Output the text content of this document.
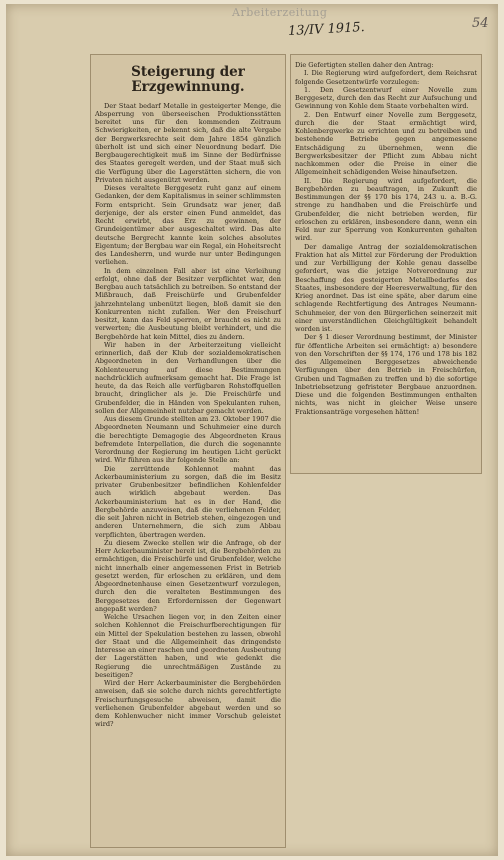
Arbeiterzeitung
13/IV 1915.	54
Steigerung der Erzgewinnung.

Der Staat bedarf Metalle in gesteigerter Menge, die Absperrung von überseeischen Produktionsstätten bereitet uns für den kommenden Zeitraum Schwierigkeiten, er bekennt sich, daß die alte Vergabe der Bergwerksrechte seit dem Jahre 1854 gänzlich überholt ist und sich einer Neuordnung bedarf. Die Bergbaugerechtigkeit muß im Sinne der Bedürfnisse des Staates geregelt werden, und der Staat muß sich die Verfügung über die Lagerstätten sichern, die von Privaten nicht ausgenützt werden.

Dieses veraltete Berggesetz ruht ganz auf einem Gedanken, der dem Kapitalismus in seiner schlimmsten Form entspricht. Sein Grundsatz war jener, daß derjenige, der als erster einen Fund anmeldet, das Recht erwirbt, das Erz zu gewinnen, der Grundeigentümer aber ausgeschaltet wird. Das alte deutsche Bergrecht kannte kein solches absolutes Eigentum; der Bergbau war ein Regal, ein Hoheitsrecht des Landesherrn, und wurde nur unter Bedingungen verliehen.

In dem einzelnen Fall aber ist eine Verleihung erfolgt, ohne daß der Besitzer verpflichtet war, den Bergbau auch tatsächlich zu betreiben. So entstand der Mißbrauch, daß Freischürfe und Grubenfelder jahrzehntelang unbenützt liegen, bloß damit sie den Konkurrenten nicht zufallen. Wer den Freischurf besitzt, kann das Feld sperren, er braucht es nicht zu verwerten; die Ausbeutung bleibt verhindert, und die Bergbehörde hat kein Mittel, dies zu ändern.

Wir haben in der Arbeiterzeitung vielleicht erinnerlich, daß der Klub der sozialdemokratischen Abgeordneten in den Verhandlungen über die Kohlenteuerung auf diese Bestimmungen nachdrücklich aufmerksam gemacht hat. Die Frage ist heute, da das Reich alle verfügbaren Rohstoffquellen braucht, dringlicher als je. Die Freischürfe und Grubenfelder, die in Händen von Spekulanten ruhen, sollen der Allgemeinheit nutzbar gemacht werden.

Aus diesem Grunde stellten am 23. Oktober 1907 die Abgeordneten Neumann und Schuhmeier eine durch die berechtigte Demagogie des Abgeordneten Kraus befremdete Interpellation, die durch die sogenannte Verordnung der Regierung im heutigen Licht gerückt wird. Wir führen aus ihr folgende Stelle an:

Die zerrüttende Kohlennot mahnt das Ackerbauministerium zu sorgen, daß die im Besitz privater Grubenbesitzer befindlichen Kohlenfelder auch wirklich abgebaut werden. Das Ackerbauministerium hat es in der Hand, die Bergbehörde anzuweisen, daß die verliehenen Felder, die seit Jahren nicht in Betrieb stehen, eingezogen und anderen Unternehmern, die sich zum Abbau verpflichten, übertragen werden.

Zu diesem Zwecke stellen wir die Anfrage, ob der Herr Ackerbauminister bereit ist, die Bergbehörden zu ermächtigen, die Freischürfe und Grubenfelder, welche nicht innerhalb einer angemessenen Frist in Betrieb gesetzt werden, für erloschen zu erklären, und dem Abgeordnetenhause einen Gesetzentwurf vorzulegen, durch den die veralteten Bestimmungen des Berggesetzes den Erfordernissen der Gegenwart angepaßt werden?

Welche Ursachen liegen vor, in den Zeiten einer solchen Kohlennot die Freischurfberechtigungen für ein Mittel der Spekulation bestehen zu lassen, obwohl der Staat und die Allgemeinheit das dringendste Interesse an einer raschen und geordneten Ausbeutung der Lagerstätten haben, und wie gedenkt die Regierung die unrechtmäßigen Zustände zu beseitigen?

Wird der Herr Ackerbauminister die Bergbehörden anweisen, daß sie solche durch nichts gerechtfertigte Freischurfungsgesuche abweisen, damit die verliehenen Grubenfelder abgebaut werden und so dem Kohlenwucher nicht immer Vorschub geleistet wird?

Die Gefertigten stellen daher den Antrag:

I. Die Regierung wird aufgefordert, dem Reichsrat folgende Gesetzentwürfe vorzulegen:

1. Den Gesetzentwurf einer Novelle zum Berggesetz, durch den das Recht zur Aufsuchung und Gewinnung von Kohle dem Staate vorbehalten wird.

2. Den Entwurf einer Novelle zum Berggesetz, durch die der Staat ermächtigt wird, Kohlenbergwerke zu errichten und zu betreiben und bestehende Betriebe gegen angemessene Entschädigung zu übernehmen, wenn die Bergwerksbesitzer der Pflicht zum Abbau nicht nachkommen oder die Preise in einer die Allgemeinheit schädigenden Weise hinaufsetzen.

II. Die Regierung wird aufgefordert, die Bergbehörden zu beauftragen, in Zukunft die Bestimmungen der §§ 170 bis 174, 243 u. a. B.-G. strenge zu handhaben und die Freischürfe und Grubenfelder, die nicht betrieben werden, für erloschen zu erklären, insbesondere dann, wenn ein Feld nur zur Sperrung von Konkurrenten gehalten wird.

Der damalige Antrag der sozialdemokratischen Fraktion hat als Mittel zur Förderung der Produktion und zur Verbilligung der Kohle genau dasselbe gefordert, was die jetzige Notverordnung zur Beschaffung des gesteigerten Metallbedarfes des Staates, insbesondere der Heeresverwaltung, für den Krieg anordnet. Das ist eine späte, aber darum eine schlagende Rechtfertigung des Antrages Neumann-Schuhmeier, der von den Bürgerlichen seinerzeit mit einer unverständlichen Gleichgültigkeit behandelt worden ist.

Der § 1 dieser Verordnung bestimmt, der Minister für öffentliche Arbeiten sei ermächtigt: a) besondere von den Vorschriften der §§ 174, 176 und 178 bis 182 des Allgemeinen Berggesetzes abweichende Verfügungen über den Betrieb in Freischürfen, Gruben und Tagmaßen zu treffen und b) die sofortige Inbetriebsetzung gefristeter Bergbaue anzuordnen. Diese und die folgenden Bestimmungen enthalten nichts, was nicht in gleicher Weise unsere Fraktionsanträge vorgesehen hätten!
